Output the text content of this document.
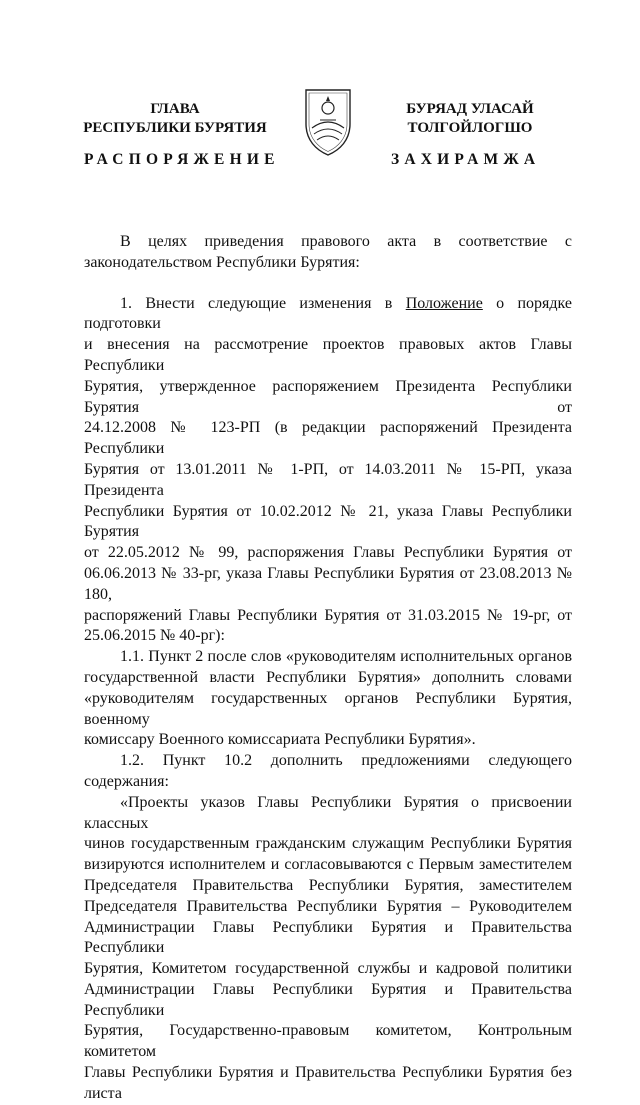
ГЛАВА
РЕСПУБЛИКИ БУРЯТИЯ
БУРЯАД УЛАСАЙ
ТОЛГОЙЛОГШО
РАСПОРЯЖЕНИЕ	ЗАХИРАМЖА

В целях приведения правового акта в соответствие с

законодательством Республики Бурятия:

1. Внести следующие изменения в Положение о порядке подготовки

и внесения на рассмотрение проектов правовых актов Главы Республики

Бурятия, утвержденное распоряжением Президента Республики Бурятия от

24.12.2008 № 123-РП (в редакции распоряжений Президента Республики

Бурятия от 13.01.2011 № 1-РП, от 14.03.2011 № 15-РП, указа Президента

Республики Бурятия от 10.02.2012 № 21, указа Главы Республики Бурятия

от 22.05.2012 № 99, распоряжения Главы Республики Бурятия от

06.06.2013 № 33-рг, указа Главы Республики Бурятия от 23.08.2013 № 180,

распоряжений Главы Республики Бурятия от 31.03.2015 № 19-рг, от

25.06.2015 № 40-рг):

1.1. Пункт 2 после слов «руководителям исполнительных органов

государственной власти Республики Бурятия» дополнить словами

«руководителям государственных органов Республики Бурятия, военному

комиссару Военного комиссариата Республики Бурятия».

1.2. Пункт 10.2 дополнить предложениями следующего содержания:

«Проекты указов Главы Республики Бурятия о присвоении классных

чинов государственным гражданским служащим Республики Бурятия

визируются исполнителем и согласовываются с Первым заместителем

Председателя Правительства Республики Бурятия, заместителем

Председателя Правительства Республики Бурятия – Руководителем

Администрации Главы Республики Бурятия и Правительства Республики

Бурятия, Комитетом государственной службы и кадровой политики

Администрации Главы Республики Бурятия и Правительства Республики

Бурятия, Государственно-правовым комитетом, Контрольным комитетом

Главы Республики Бурятия и Правительства Республики Бурятия без листа
